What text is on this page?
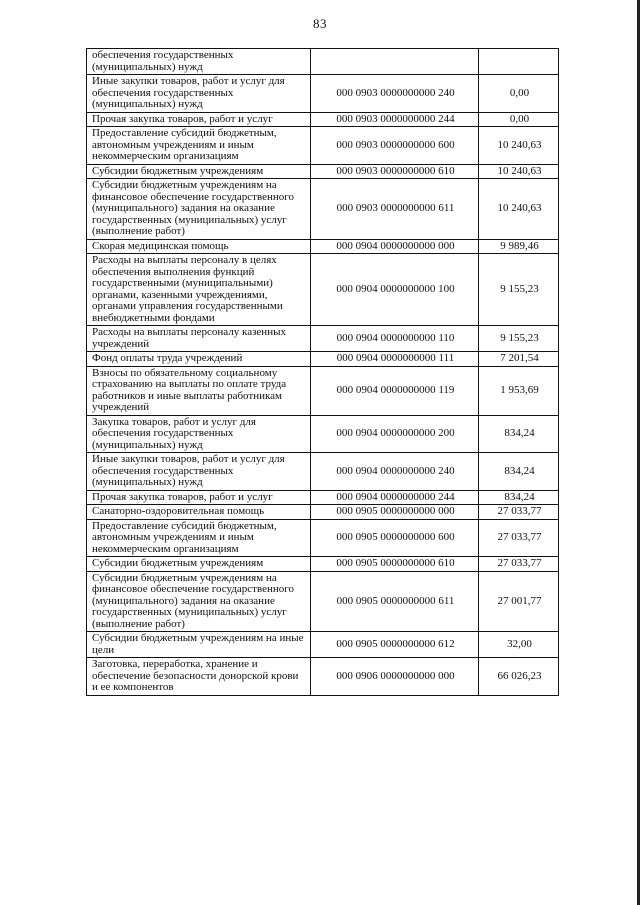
83
обеспечения государственных (муниципальных) нужд		
Иные закупки товаров, работ и услуг для обеспечения государственных (муниципальных) нужд	000 0903 0000000000 240	0,00
Прочая закупка товаров, работ и услуг	000 0903 0000000000 244	0,00
Предоставление субсидий бюджетным, автономным учреждениям и иным некоммерческим организациям	000 0903 0000000000 600	10 240,63
Субсидии бюджетным учреждениям	000 0903 0000000000 610	10 240,63
Субсидии бюджетным учреждениям на финансовое обеспечение государственного (муниципального) задания на оказание государственных (муниципальных) услуг (выполнение работ)	000 0903 0000000000 611	10 240,63
Скорая медицинская помощь	000 0904 0000000000 000	9 989,46
Расходы на выплаты персоналу в целях обеспечения выполнения функций государственными (муниципальными) органами, казенными учреждениями, органами управления государственными внебюджетными фондами	000 0904 0000000000 100	9 155,23
Расходы на выплаты персоналу казенных учреждений	000 0904 0000000000 110	9 155,23
Фонд оплаты труда учреждений	000 0904 0000000000 111	7 201,54
Взносы по обязательному социальному страхованию на выплаты по оплате труда работников и иные выплаты работникам учреждений	000 0904 0000000000 119	1 953,69
Закупка товаров, работ и услуг для обеспечения государственных (муниципальных) нужд	000 0904 0000000000 200	834,24
Иные закупки товаров, работ и услуг для обеспечения государственных (муниципальных) нужд	000 0904 0000000000 240	834,24
Прочая закупка товаров, работ и услуг	000 0904 0000000000 244	834,24
Санаторно-оздоровительная помощь	000 0905 0000000000 000	27 033,77
Предоставление субсидий бюджетным, автономным учреждениям и иным некоммерческим организациям	000 0905 0000000000 600	27 033,77
Субсидии бюджетным учреждениям	000 0905 0000000000 610	27 033,77
Субсидии бюджетным учреждениям на финансовое обеспечение государственного (муниципального) задания на оказание государственных (муниципальных) услуг (выполнение работ)	000 0905 0000000000 611	27 001,77
Субсидии бюджетным учреждениям на иные цели	000 0905 0000000000 612	32,00
Заготовка, переработка, хранение и обеспечение безопасности донорской крови и ее компонентов	000 0906 0000000000 000	66 026,23
